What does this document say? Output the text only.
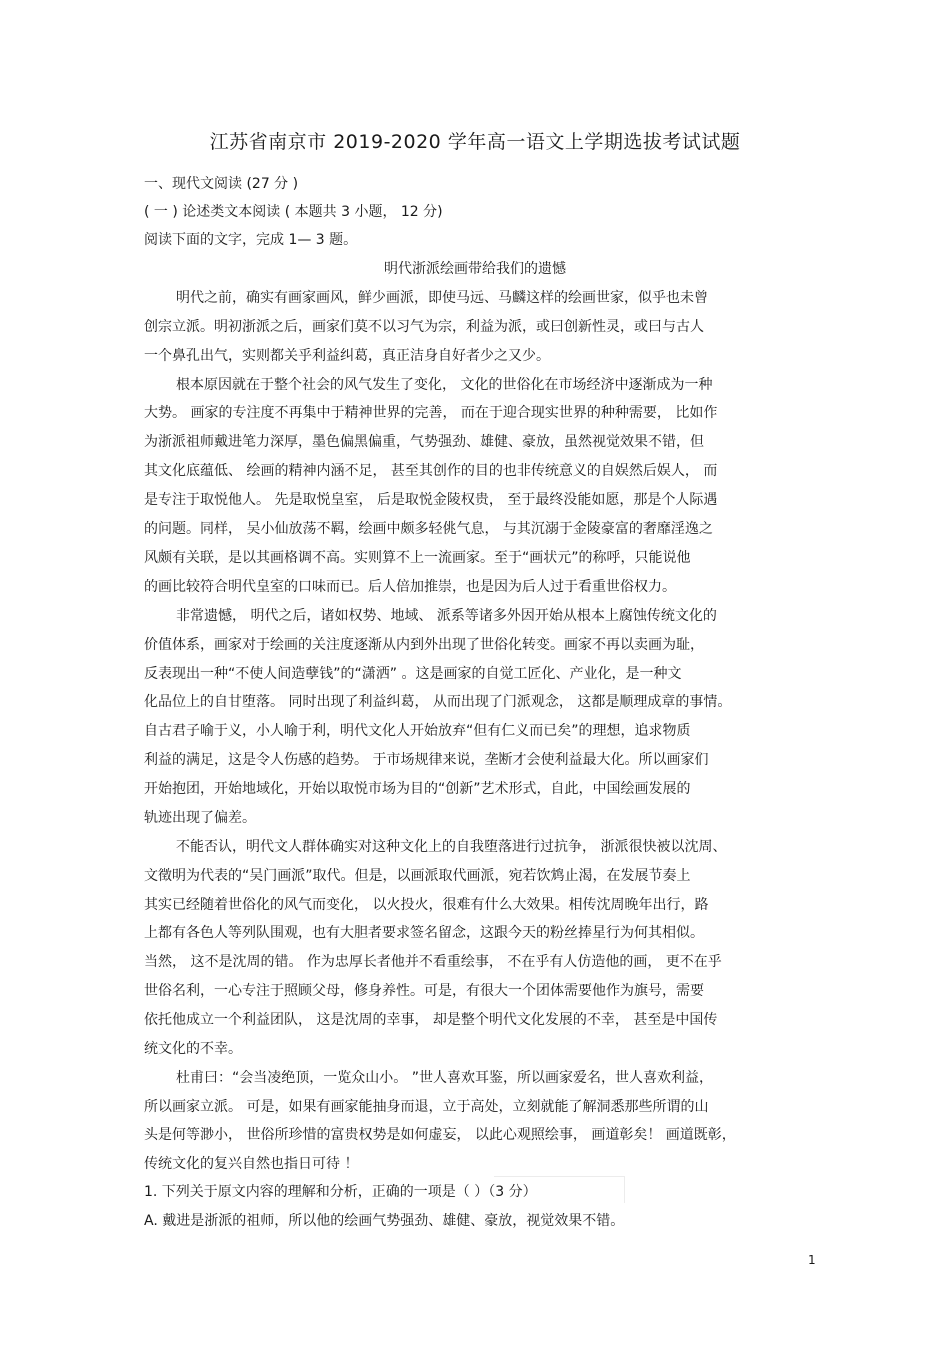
江苏省南京市 2019-2020 学年高一语文上学期选拔考试试题
一、现代文阅读 (27 分 )
( 一 ) 论述类文本阅读 ( 本题共 3 小题， 12 分)
阅读下面的文字，完成 1— 3 题。
明代浙派绘画带给我们的遗憾
明代之前，确实有画家画风，鲜少画派，即使马远、马麟这样的绘画世家，似乎也未曾
创宗立派。明初浙派之后，画家们莫不以习气为宗，利益为派，或曰创新性灵，或曰与古人
一个鼻孔出气，实则都关乎利益纠葛，真正洁身自好者少之又少。
根本原因就在于整个社会的风气发生了变化， 文化的世俗化在市场经济中逐渐成为一种
大势。 画家的专注度不再集中于精神世界的完善， 而在于迎合现实世界的种种需要， 比如作
为浙派祖师戴进笔力深厚，墨色偏黑偏重，气势强劲、雄健、豪放，虽然视觉效果不错，但
其文化底蕴低、 绘画的精神内涵不足， 甚至其创作的目的也非传统意义的自娱然后娱人， 而
是专注于取悦他人。 先是取悦皇室， 后是取悦金陵权贵， 至于最终没能如愿，那是个人际遇
的问题。同样， 吴小仙放荡不羁，绘画中颇多轻佻气息， 与其沉溺于金陵豪富的奢靡淫逸之
风颇有关联，是以其画格调不高。实则算不上一流画家。至于“画状元”的称呼，只能说他
的画比较符合明代皇室的口味而已。后人倍加推崇，也是因为后人过于看重世俗权力。
非常遗憾， 明代之后，诸如权势、地域、 派系等诸多外因开始从根本上腐蚀传统文化的
价值体系，画家对于绘画的关注度逐渐从内到外出现了世俗化转变。画家不再以卖画为耻，
反表现出一种“不使人间造孽钱”的“潇洒” 。这是画家的自觉工匠化、产业化，是一种文
化品位上的自甘堕落。 同时出现了利益纠葛， 从而出现了门派观念， 这都是顺理成章的事情。
自古君子喻于义，小人喻于利，明代文化人开始放弃“但有仁义而已矣”的理想，追求物质
利益的满足，这是令人伤感的趋势。 于市场规律来说，垄断才会使利益最大化。所以画家们
开始抱团，开始地域化，开始以取悦市场为目的“创新”艺术形式，自此，中国绘画发展的
轨迹出现了偏差。
不能否认，明代文人群体确实对这种文化上的自我堕落进行过抗争， 浙派很快被以沈周、
文徵明为代表的“吴门画派”取代。但是，以画派取代画派，宛若饮鸩止渴，在发展节奏上
其实已经随着世俗化的风气而变化， 以火投火，很难有什么大效果。相传沈周晚年出行，路
上都有各色人等列队围观，也有大胆者要求签名留念，这跟今天的粉丝捧星行为何其相似。
当然， 这不是沈周的错。 作为忠厚长者他并不看重绘事， 不在乎有人仿造他的画， 更不在乎
世俗名利，一心专注于照顾父母，修身养性。可是，有很大一个团体需要他作为旗号，需要
依托他成立一个利益团队， 这是沈周的幸事， 却是整个明代文化发展的不幸， 甚至是中国传
统文化的不幸。
杜甫曰：“会当凌绝顶，一览众山小。 ”世人喜欢耳鉴，所以画家爱名，世人喜欢利益，
所以画家立派。 可是，如果有画家能抽身而退，立于高处，立刻就能了解洞悉那些所谓的山
头是何等渺小， 世俗所珍惜的富贵权势是如何虚妄， 以此心观照绘事， 画道彰矣！ 画道既彰，
传统文化的复兴自然也指日可待 ！
1. 下列关于原文内容的理解和分析，正确的一项是（ ）（3 分）
A. 戴进是浙派的祖师，所以他的绘画气势强劲、雄健、豪放，视觉效果不错。
1
